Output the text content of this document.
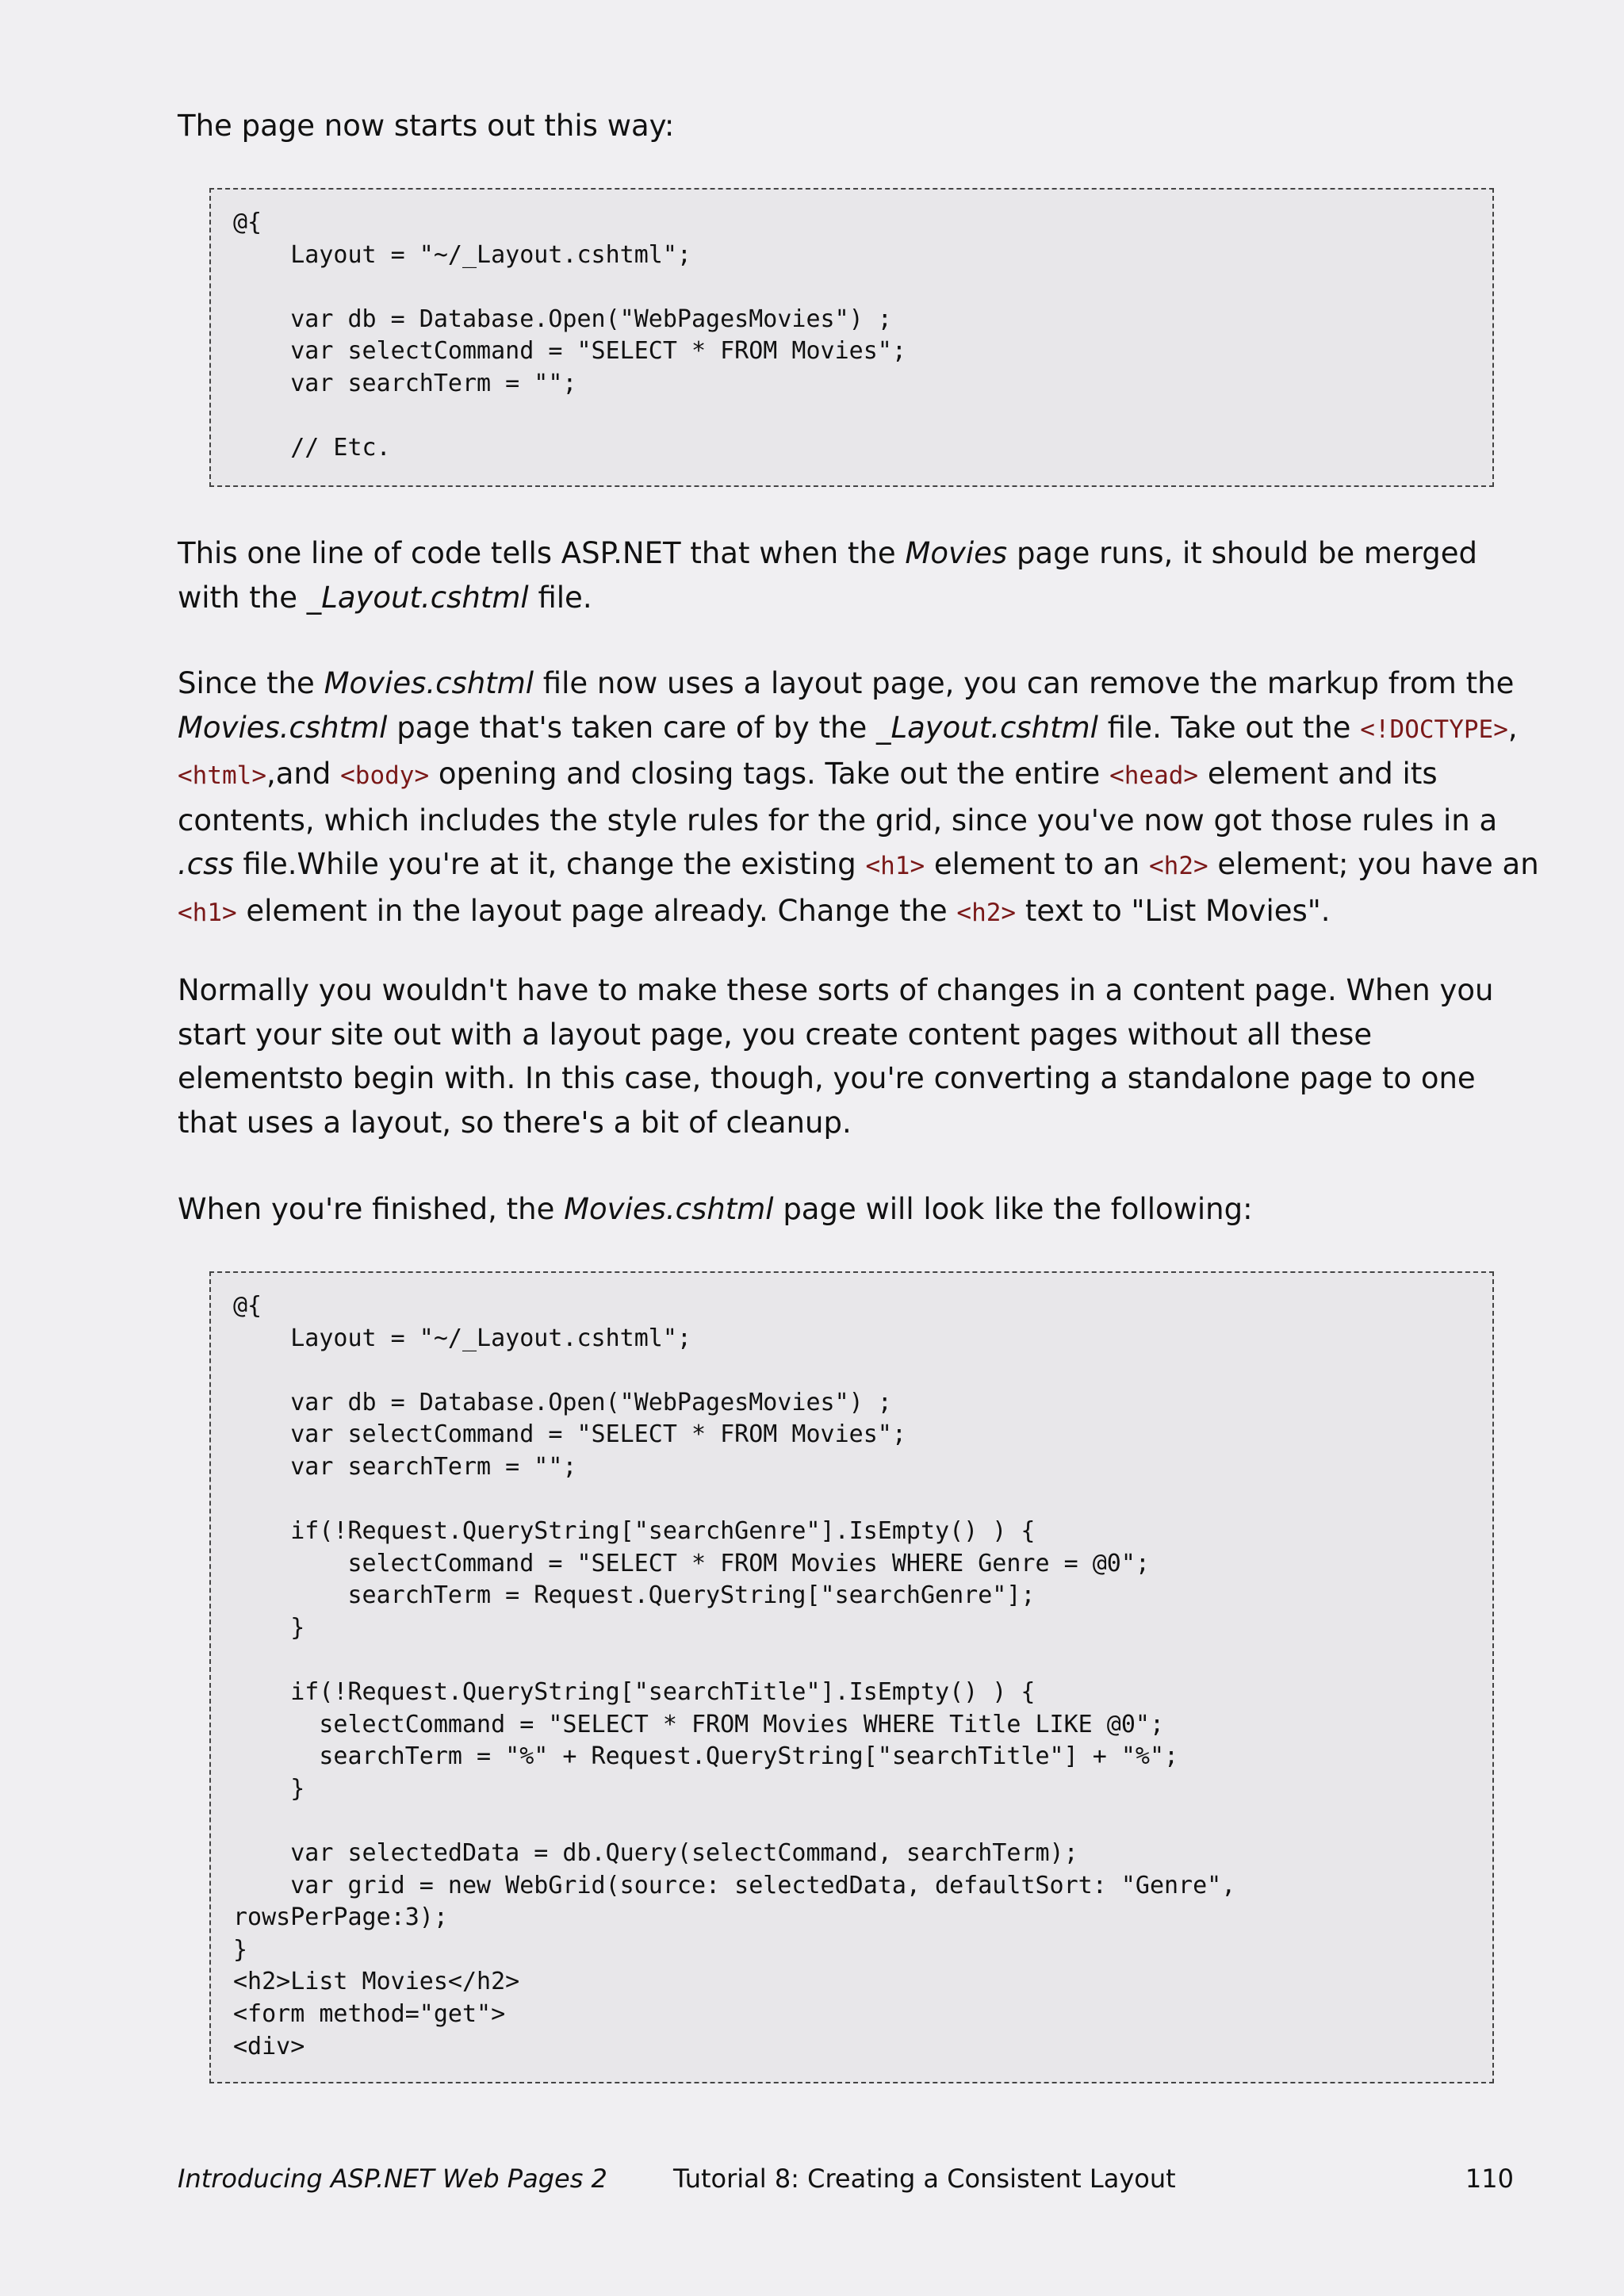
The page now starts out this way:

@{
Layout = "~/_Layout.cshtml";

var db = Database.Open("WebPagesMovies") ;
var selectCommand = "SELECT * FROM Movies";
var searchTerm = "";

// Etc.

This one line of code tells ASP.NET that when the Movies page runs, it should be merged with the _Layout.cshtml file.

Since the Movies.cshtml file now uses a layout page, you can remove the markup from the Movies.cshtml page that's taken care of by the _Layout.cshtml file. Take out the <!DOCTYPE>, <html>,and <body> opening and closing tags. Take out the entire <head> element and its contents, which includes the style rules for the grid, since you've now got those rules in a .css file.While you're at it, change the existing <h1> element to an <h2> element; you have an <h1> element in the layout page already. Change the <h2> text to "List Movies".

Normally you wouldn't have to make these sorts of changes in a content page. When you start your site out with a layout page, you create content pages without all these elementsto begin with. In this case, though, you're converting a standalone page to one that uses a layout, so there's a bit of cleanup.

When you're finished, the Movies.cshtml page will look like the following:

@{
Layout = "~/_Layout.cshtml";

var db = Database.Open("WebPagesMovies") ;
var selectCommand = "SELECT * FROM Movies";
var searchTerm = "";

if(!Request.QueryString["searchGenre"].IsEmpty() ) {
selectCommand = "SELECT * FROM Movies WHERE Genre = @0";
searchTerm = Request.QueryString["searchGenre"];
}

if(!Request.QueryString["searchTitle"].IsEmpty() ) {
selectCommand = "SELECT * FROM Movies WHERE Title LIKE @0";
searchTerm = "%" + Request.QueryString["searchTitle"] + "%";
}

var selectedData = db.Query(selectCommand, searchTerm);
var grid = new WebGrid(source: selectedData, defaultSort: "Genre",
rowsPerPage:3);
}
<h2>List Movies</h2>
<form method="get">
<div>
Introducing ASP.NET Web Pages 2	Tutorial 8: Creating a Consistent Layout	110
